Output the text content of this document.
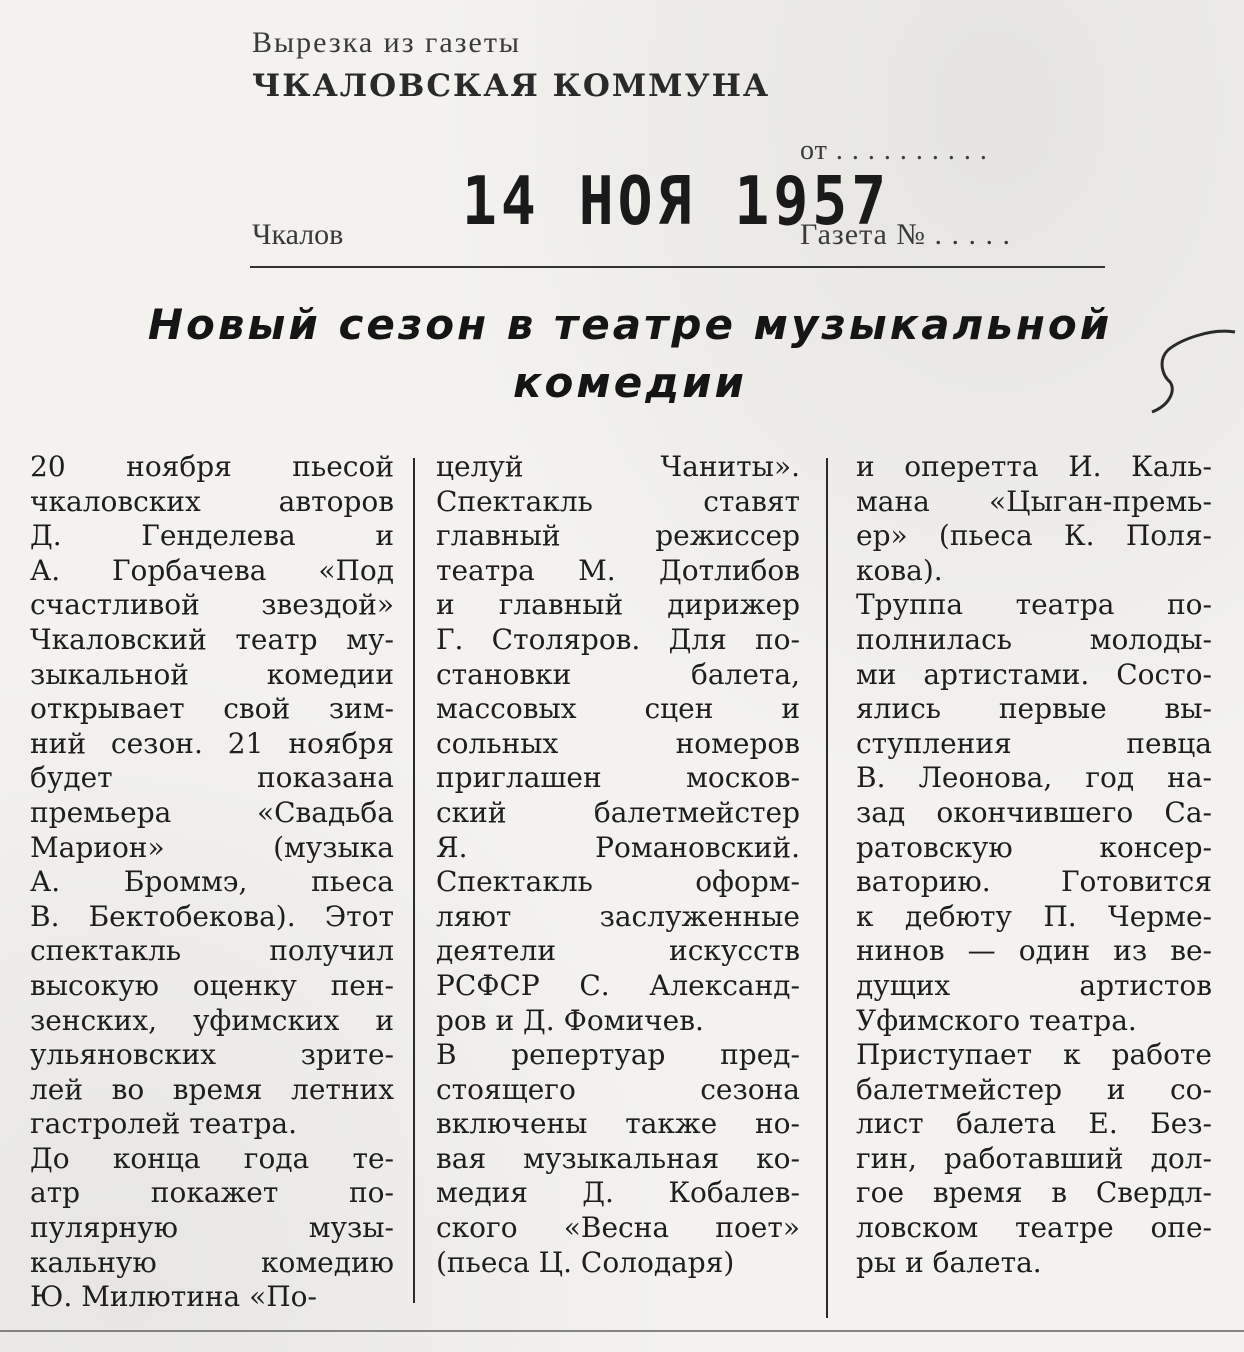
Вырезка из газеты
ЧКАЛОВСКАЯ КОММУНА
от . . . . . . . . . .
14 НОЯ 1957
Чкалов	Газета № . . . . .
Новый сезон в театре музыкальной
комедии

20 ноября пьесой

чкаловских авторов

Д. Генделева и

А. Горбачева «Под

счастливой звездой»

Чкаловский театр му-

зыкальной комедии

открывает свой зим-

ний сезон. 21 ноября

будет показана

премьера «Свадьба

Марион» (музыка

А. Броммэ, пьеса

В. Бектобекова). Этот

спектакль получил

высокую оценку пен-

зенских, уфимских и

ульяновских зрите-

лей во время летних

гастролей театра.

До конца года те-

атр покажет по-

пулярную музы-

кальную комедию

Ю. Милютина «По-

целуй Чаниты».

Спектакль ставят

главный режиссер

театра М. Дотлибов

и главный дирижер

Г. Столяров. Для по-

становки балета,

массовых сцен и

сольных номеров

приглашен москов-

ский балетмейстер

Я. Романовский.

Спектакль оформ-

ляют заслуженные

деятели искусств

РСФСР С. Александ-

ров и Д. Фомичев.

В репертуар пред-

стоящего сезона

включены также но-

вая музыкальная ко-

медия Д. Кобалев-

ского «Весна поет»

(пьеса Ц. Солодаря)

и оперетта И. Каль-

мана «Цыган-премь-

ер» (пьеса К. Поля-

кова).

Труппа театра по-

полнилась молоды-

ми артистами. Состо-

ялись первые вы-

ступления певца

В. Леонова, год на-

зад окончившего Са-

ратовскую консер-

ваторию. Готовится

к дебюту П. Черме-

нинов — один из ве-

дущих артистов

Уфимского театра.

Приступает к работе

балетмейстер и со-

лист балета Е. Без-

гин, работавший дол-

гое время в Свердл-

ловском театре опе-

ры и балета.
